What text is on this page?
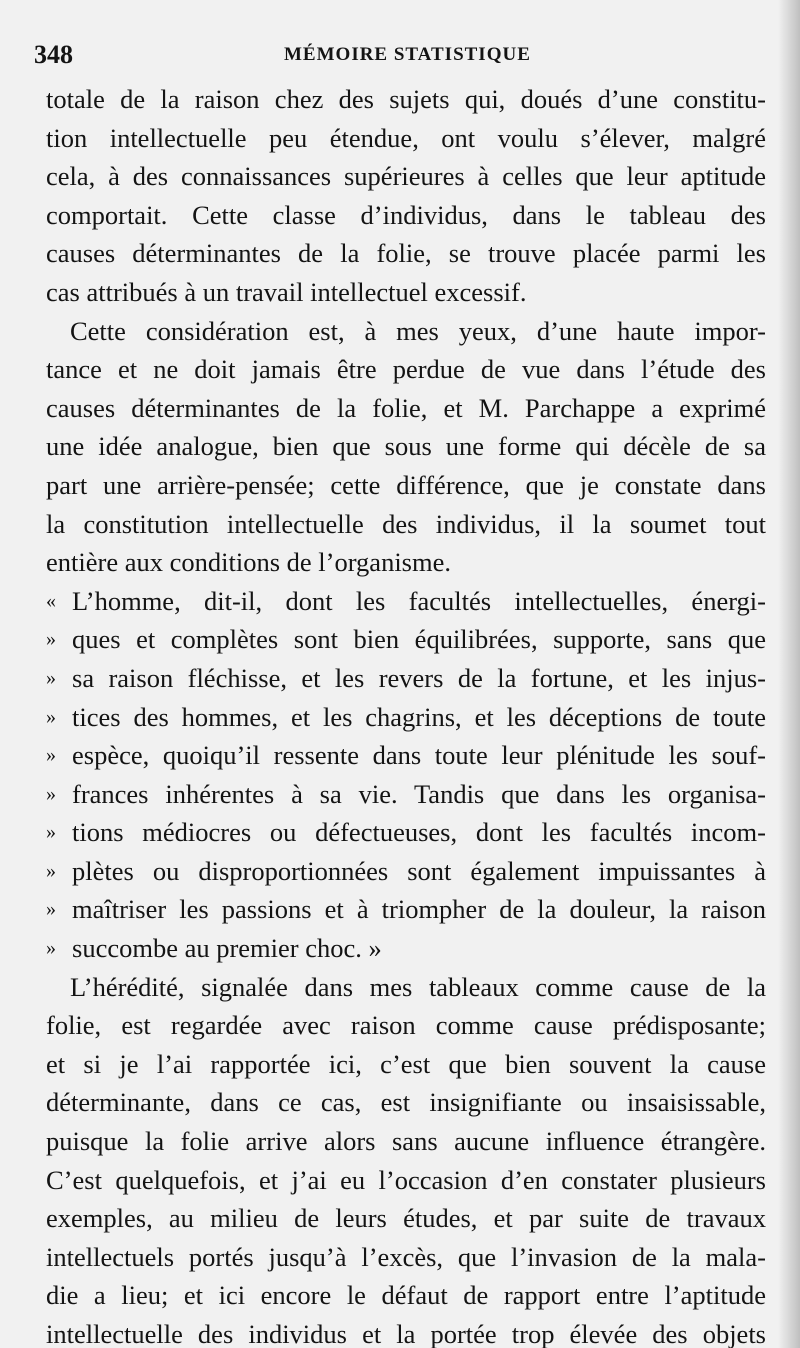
348	MÉMOIRE STATISTIQUE
totale de la raison chez des sujets qui, doués d’une constitu-
tion intellectuelle peu étendue, ont voulu s’élever, malgré
cela, à des connaissances supérieures à celles que leur aptitude
comportait. Cette classe d’individus, dans le tableau des
causes déterminantes de la folie, se trouve placée parmi les
cas attribués à un travail intellectuel excessif.
Cette considération est, à mes yeux, d’une haute impor-
tance et ne doit jamais être perdue de vue dans l’étude des
causes déterminantes de la folie, et M. Parchappe a exprimé
une idée analogue, bien que sous une forme qui décèle de sa
part une arrière-pensée; cette différence, que je constate dans
la constitution intellectuelle des individus, il la soumet tout
entière aux conditions de l’organisme.
« L’homme, dit-il, dont les facultés intellectuelles, énergi-
» ques et complètes sont bien équilibrées, supporte, sans que
» sa raison fléchisse, et les revers de la fortune, et les injus-
» tices des hommes, et les chagrins, et les déceptions de toute
» espèce, quoiqu’il ressente dans toute leur plénitude les souf-
» frances inhérentes à sa vie. Tandis que dans les organisa-
» tions médiocres ou défectueuses, dont les facultés incom-
» plètes ou disproportionnées sont également impuissantes à
» maîtriser les passions et à triompher de la douleur, la raison
» succombe au premier choc. »
L’hérédité, signalée dans mes tableaux comme cause de la
folie, est regardée avec raison comme cause prédisposante;
et si je l’ai rapportée ici, c’est que bien souvent la cause
déterminante, dans ce cas, est insignifiante ou insaisissable,
puisque la folie arrive alors sans aucune influence étrangère.
C’est quelquefois, et j’ai eu l’occasion d’en constater plusieurs
exemples, au milieu de leurs études, et par suite de travaux
intellectuels portés jusqu’à l’excès, que l’invasion de la mala-
die a lieu; et ici encore le défaut de rapport entre l’aptitude
intellectuelle des individus et la portée trop élevée des objets
